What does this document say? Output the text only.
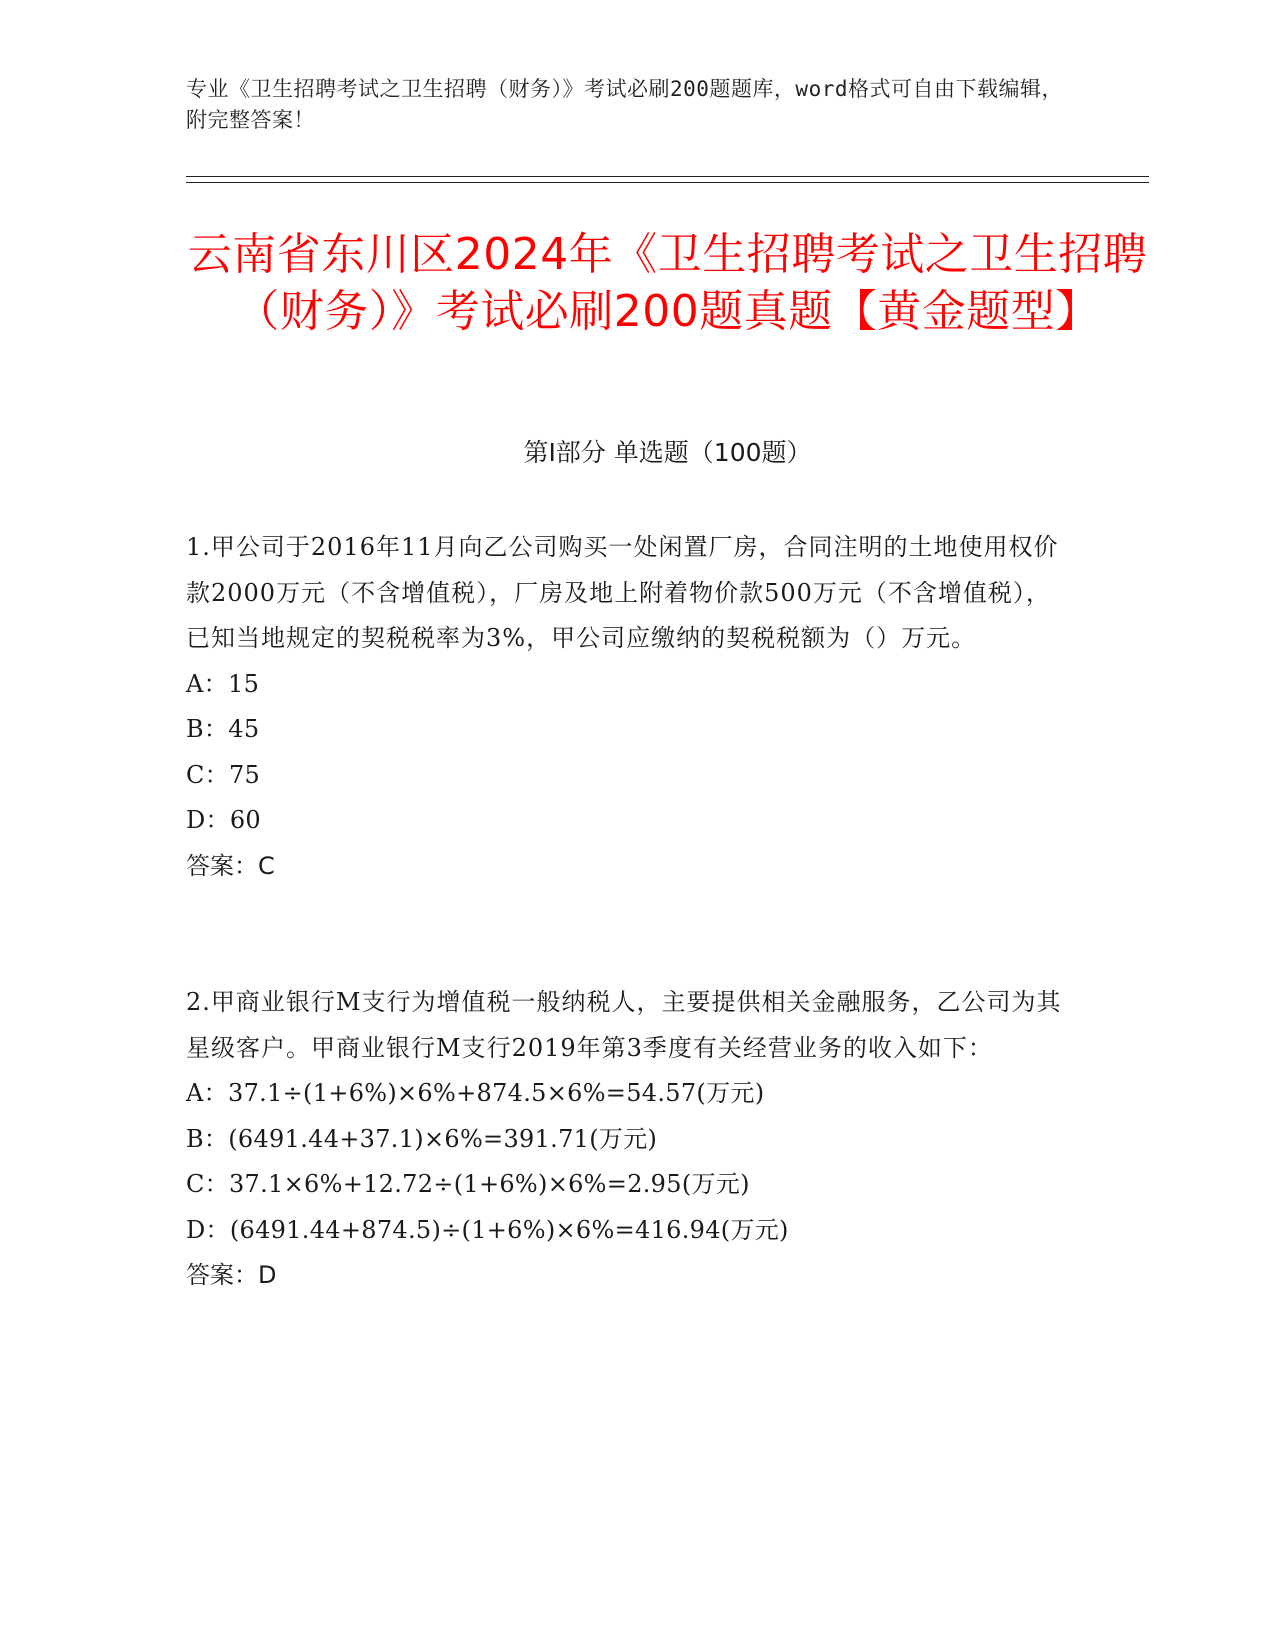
专业《卫生招聘考试之卫生招聘（财务）》考试必刷200题题库，word格式可自由下载编辑，附完整答案！
云南省东川区2024年《卫生招聘考试之卫生招聘（财务）》考试必刷200题真题【黄金题型】
第I部分 单选题（100题）
1.甲公司于2016年11月向乙公司购买一处闲置厂房，合同注明的土地使用权价款2000万元（不含增值税），厂房及地上附着物价款500万元（不含增值税），已知当地规定的契税税率为3%，甲公司应缴纳的契税税额为（）万元。
A：15
B：45
C：75
D：60
答案：C
2.甲商业银行M支行为增值税一般纳税人，主要提供相关金融服务，乙公司为其星级客户。甲商业银行M支行2019年第3季度有关经营业务的收入如下：
A：37.1÷(1+6%)×6%+874.5×6%=54.57(万元)
B：(6491.44+37.1)×6%=391.71(万元)
C：37.1×6%+12.72÷(1+6%)×6%=2.95(万元)
D：(6491.44+874.5)÷(1+6%)×6%=416.94(万元)
答案：D
